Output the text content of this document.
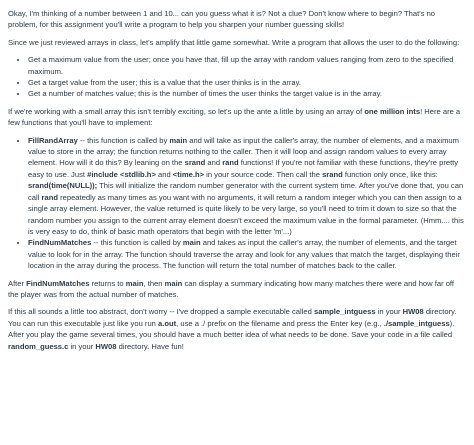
Okay, I'm thinking of a number between 1 and 10... can you guess what it is? Not a clue? Don't know where to begin? That's no problem, for this assignment you'll write a program to help you sharpen your number guessing skills!

Since we just reviewed arrays in class, let's amplify that little game somewhat. Write a program that allows the user to do the following:

• Get a maximum value from the user; once you have that, fill up the array with random values ranging from zero to the specified maximum.
• Get a target value from the user; this is a value that the user thinks is in the array.
• Get a number of matches value; this is the number of times the user thinks the target value is in the array.

If we're working with a small array this isn't terribly exciting, so let's up the ante a little by using an array of one million ints! Here are a few functions that you'll have to implement:

• FillRandArray -- this function is called by main and will take as input the caller's array, the number of elements, and a maximum value to store in the array; the function returns nothing to the caller. Then it will loop and assign random values to every array element. How will it do this? By leaning on the srand and rand functions! If you're not familiar with these functions, they're pretty easy to use. Just #include <stdlib.h> and <time.h> in your source code. Then call the srand function only once, like this: srand(time(NULL)); This will initialize the random number generator with the current system time. After you've done that, you can call rand repeatedly as many times as you want with no arguments, it will return a random integer which you can then assign to a single array element. However, the value returned is quite likely to be very large, so you'll need to trim it down to size so that the random number you assign to the current array element doesn't exceed the maximum value in the formal parameter. (Hmm.... this is very easy to do, think of basic math operators that begin with the letter 'm'...)
• FindNumMatches -- this function is called by main and takes as input the caller's array, the number of elements, and the target value to look for in the array. The function should traverse the array and look for any values that match the target, displaying their location in the array during the process. The function will return the total number of matches back to the caller.

After FindNumMatches returns to main, then main can display a summary indicating how many matches there were and how far off the player was from the actual number of matches.

If this all sounds a little too abstract, don't worry -- I've dropped a sample executable called sample_intguess in your HW08 directory. You can run this executable just like you run a.out, use a ./ prefix on the filename and press the Enter key (e.g., ./sample_intguess). After you play the game several times, you should have a much better idea of what needs to be done. Save your code in a file called random_guess.c in your HW08 directory. Have fun!
